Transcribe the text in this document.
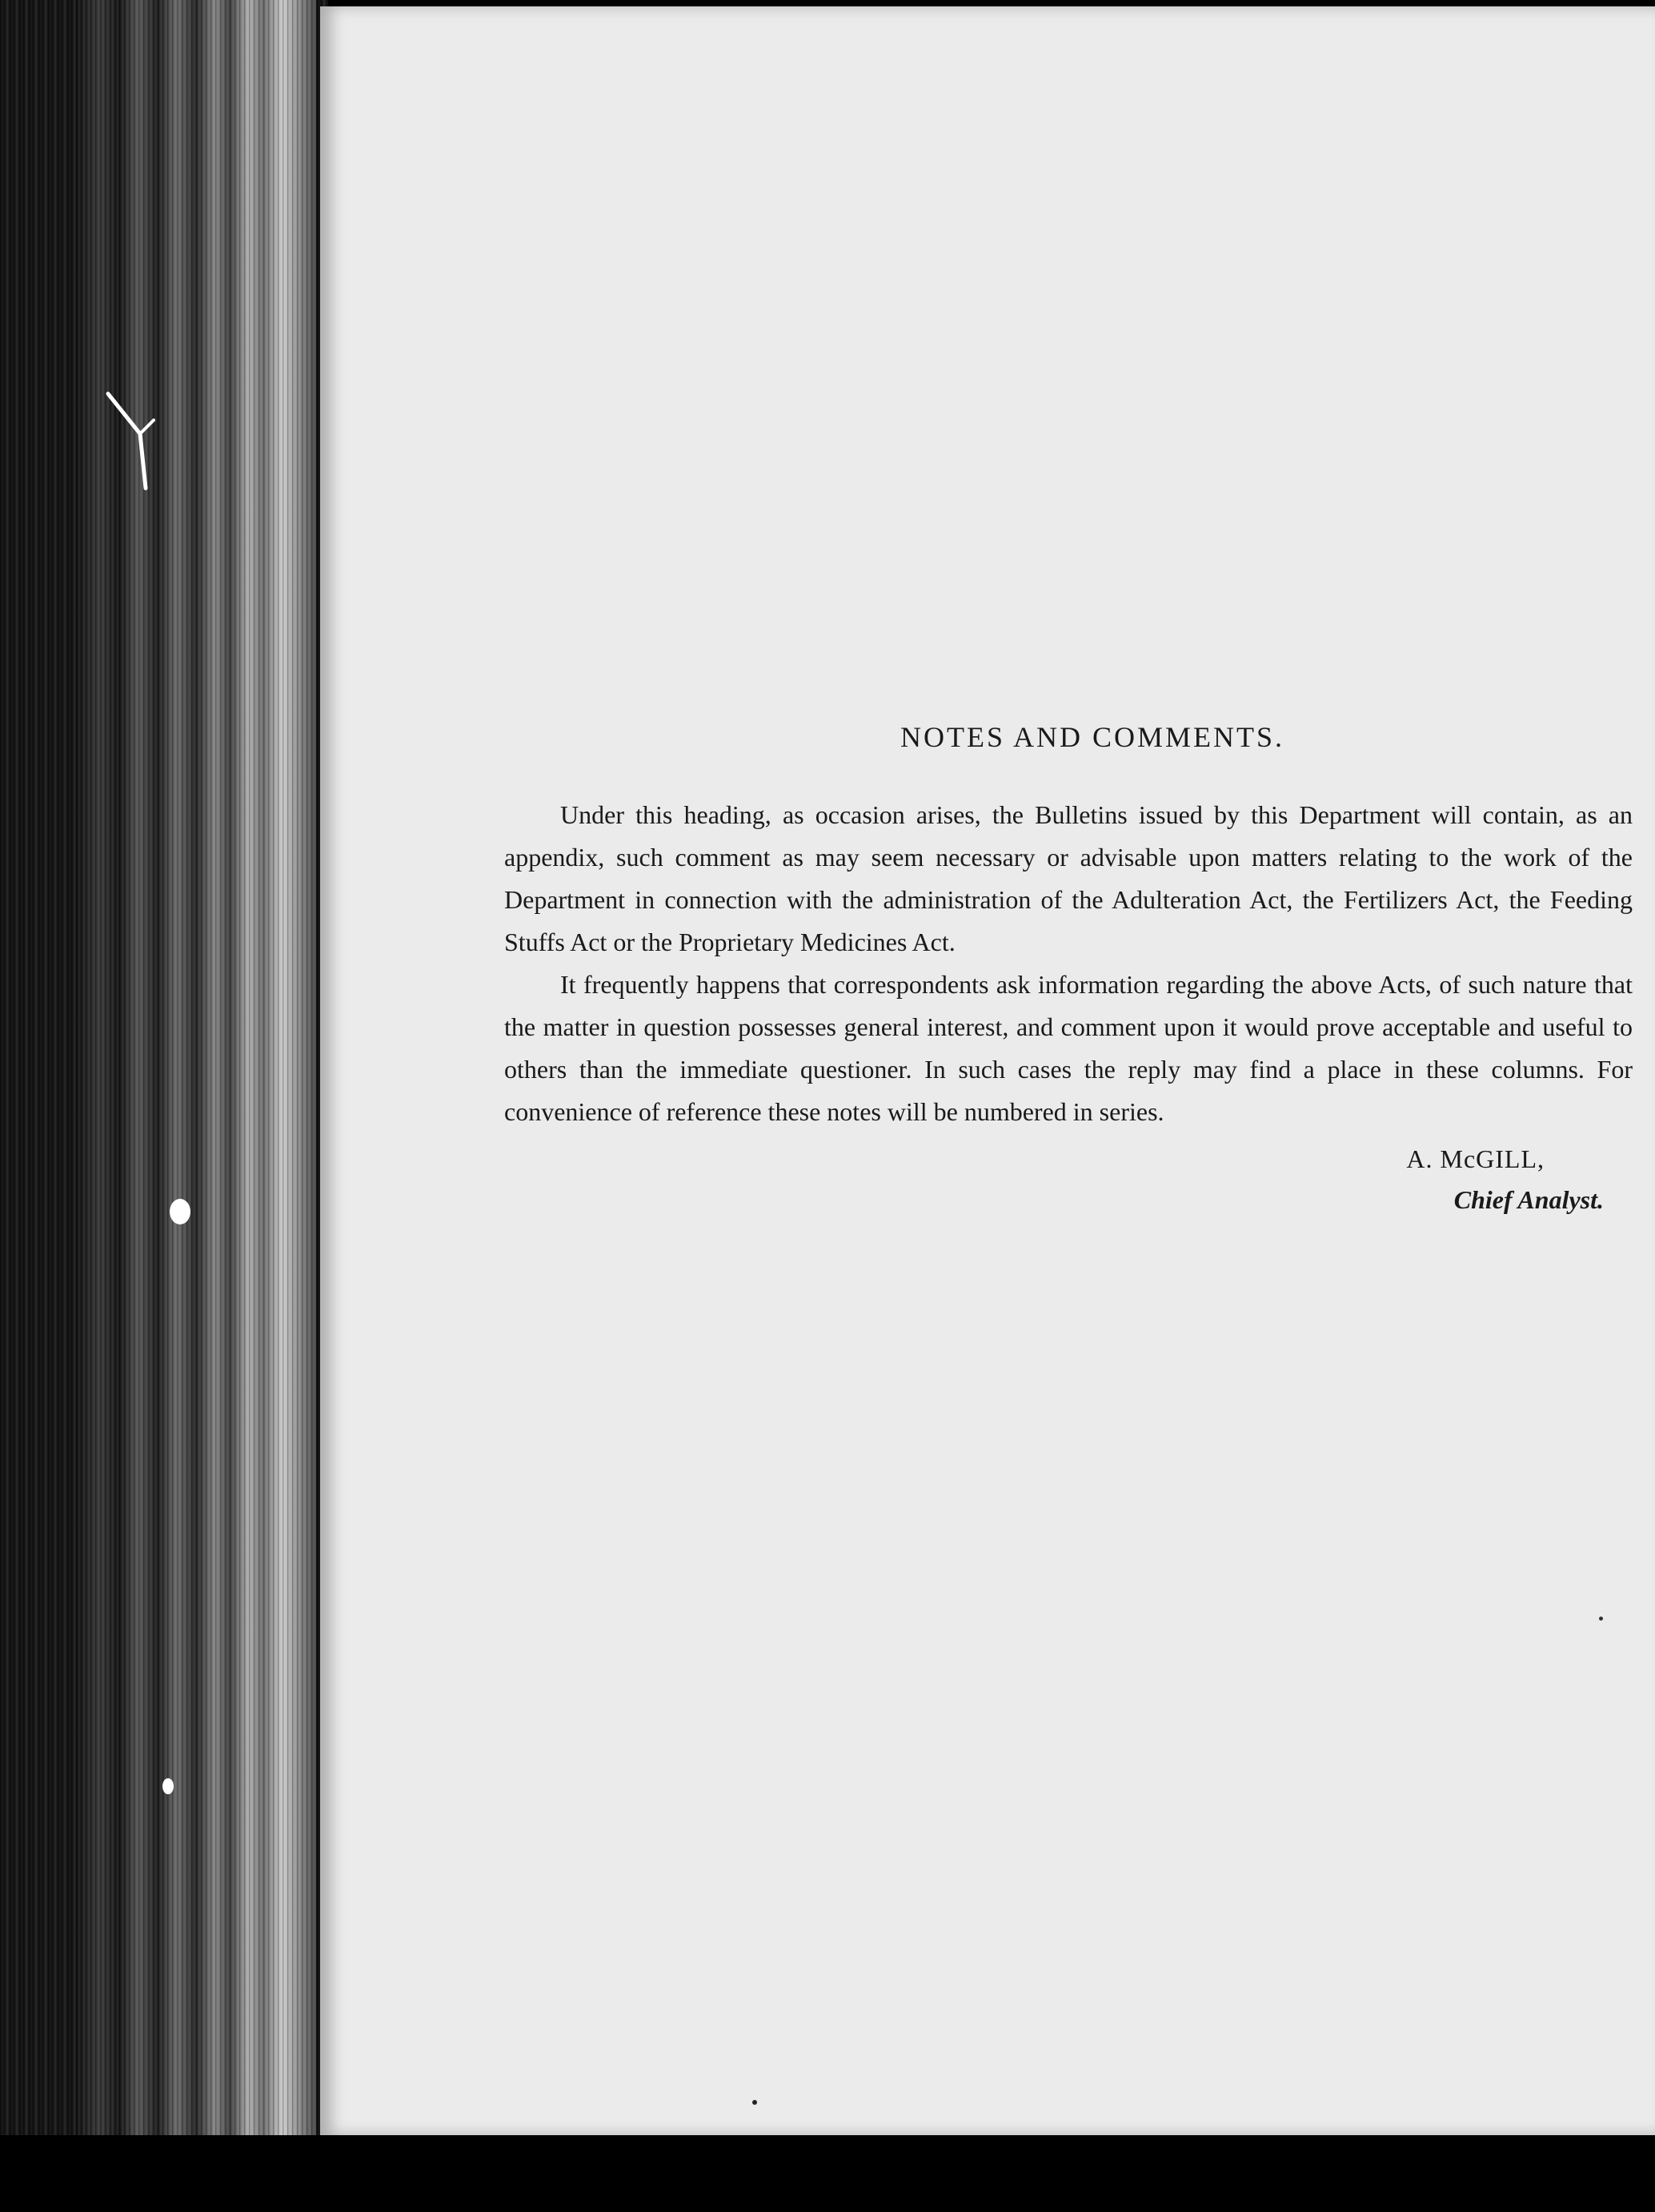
NOTES AND COMMENTS.

Under this heading, as occasion arises, the Bulletins issued by this Department will contain, as an appendix, such comment as may seem necessary or advisable upon matters relating to the work of the Department in connection with the administration of the Adulteration Act, the Fertilizers Act, the Feeding Stuffs Act or the Proprietary Medicines Act.

It frequently happens that correspondents ask information regarding the above Acts, of such nature that the matter in question possesses general interest, and comment upon it would prove acceptable and useful to others than the immediate questioner. In such cases the reply may find a place in these columns. For convenience of reference these notes will be numbered in series.

A. McGILL,
Chief Analyst.
